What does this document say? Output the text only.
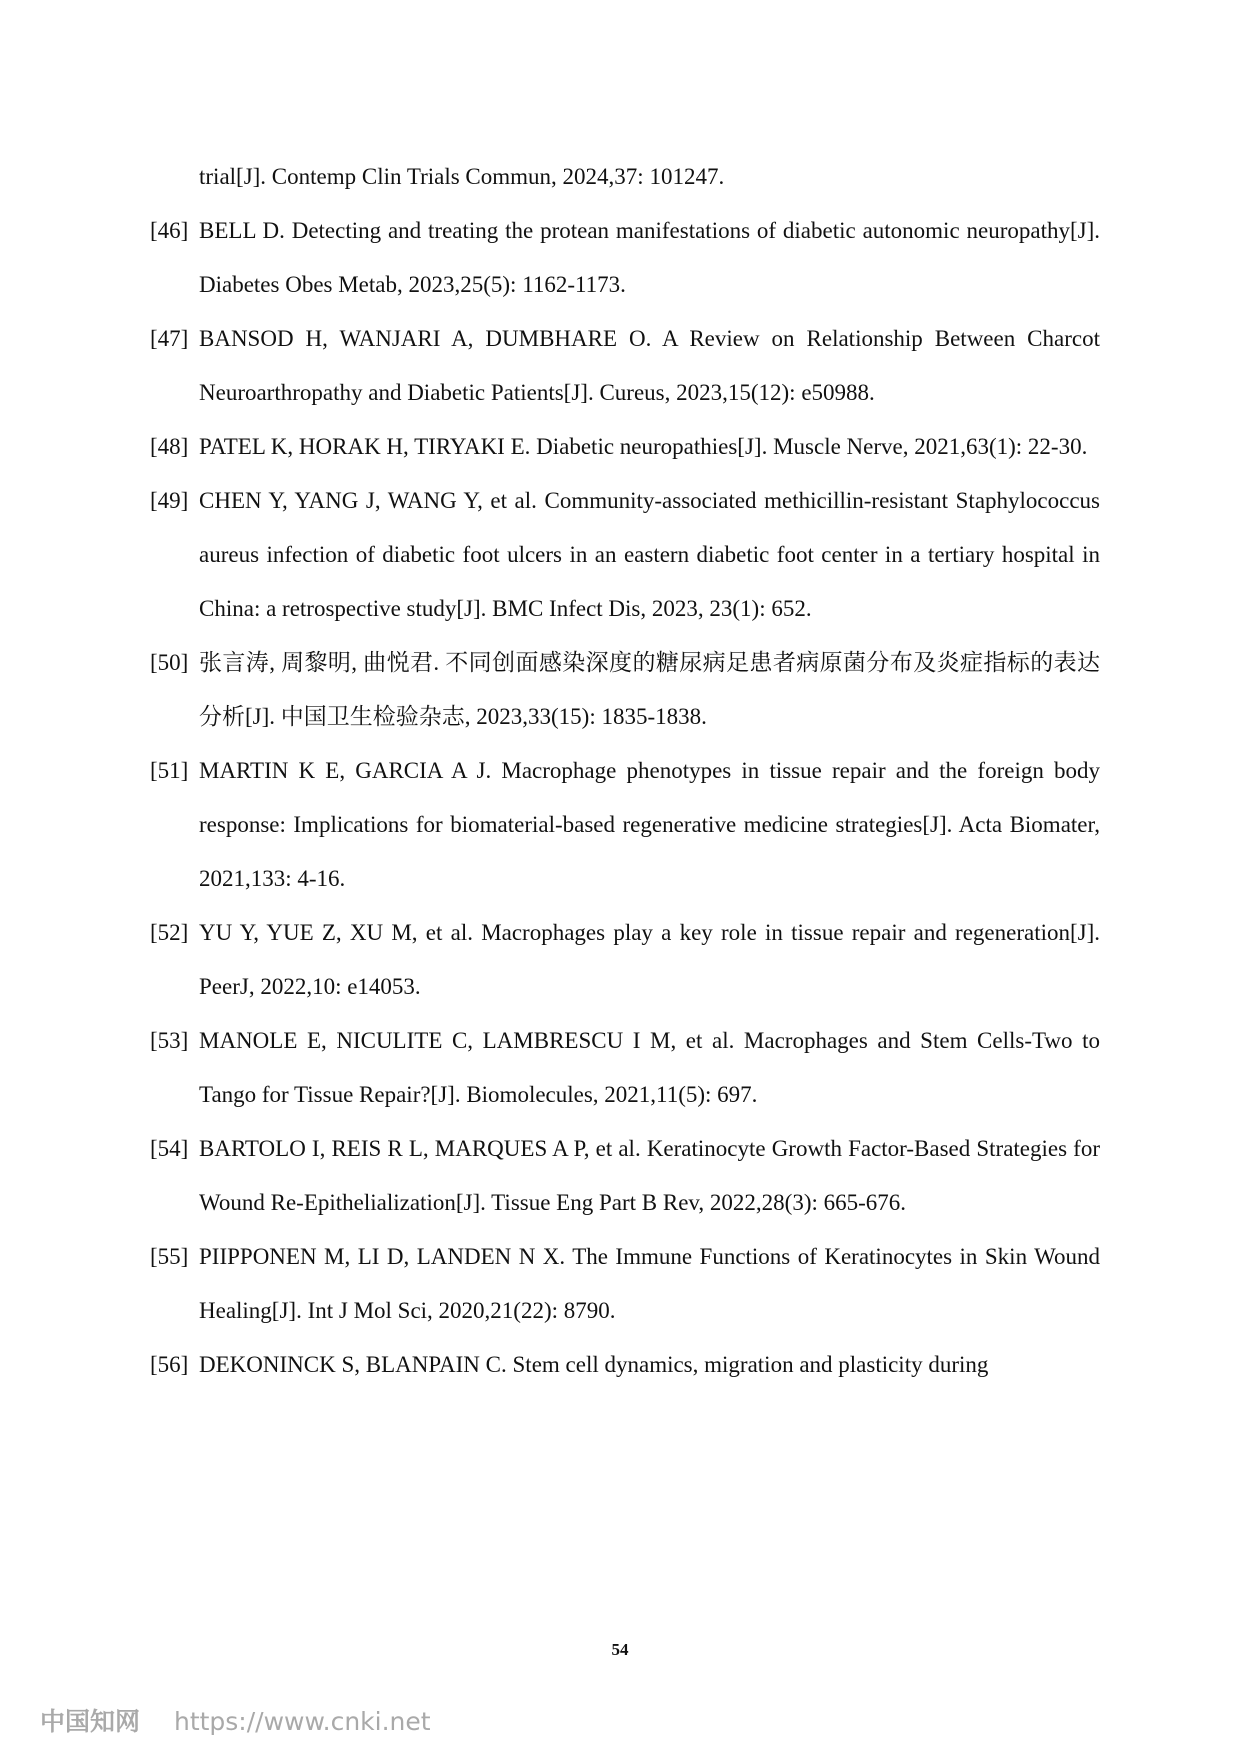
trial[J]. Contemp Clin Trials Commun, 2024,37: 101247.
[46] BELL D. Detecting and treating the protean manifestations of diabetic autonomic neuropathy[J]. Diabetes Obes Metab, 2023,25(5): 1162-1173.
[47] BANSOD H, WANJARI A, DUMBHARE O. A Review on Relationship Between Charcot Neuroarthropathy and Diabetic Patients[J]. Cureus, 2023,15(12): e50988.
[48] PATEL K, HORAK H, TIRYAKI E. Diabetic neuropathies[J]. Muscle Nerve, 2021,63(1): 22-30.
[49] CHEN Y, YANG J, WANG Y, et al. Community-associated methicillin-resistant Staphylococcus aureus infection of diabetic foot ulcers in an eastern diabetic foot center in a tertiary hospital in China: a retrospective study[J]. BMC Infect Dis, 2023, 23(1): 652.
[50] 张言涛, 周黎明, 曲悦君. 不同创面感染深度的糖尿病足患者病原菌分布及炎症指标的表达分析[J]. 中国卫生检验杂志, 2023,33(15): 1835-1838.
[51] MARTIN K E, GARCIA A J. Macrophage phenotypes in tissue repair and the foreign body response: Implications for biomaterial-based regenerative medicine strategies[J]. Acta Biomater, 2021,133: 4-16.
[52] YU Y, YUE Z, XU M, et al. Macrophages play a key role in tissue repair and regeneration[J]. PeerJ, 2022,10: e14053.
[53] MANOLE E, NICULITE C, LAMBRESCU I M, et al. Macrophages and Stem Cells-Two to Tango for Tissue Repair?[J]. Biomolecules, 2021,11(5): 697.
[54] BARTOLO I, REIS R L, MARQUES A P, et al. Keratinocyte Growth Factor-Based Strategies for Wound Re-Epithelialization[J]. Tissue Eng Part B Rev, 2022,28(3): 665-676.
[55] PIIPPONEN M, LI D, LANDEN N X. The Immune Functions of Keratinocytes in Skin Wound Healing[J]. Int J Mol Sci, 2020,21(22): 8790.
[56] DEKONINCK S, BLANPAIN C. Stem cell dynamics, migration and plasticity during
54
中国知网 https://www.cnki.net
